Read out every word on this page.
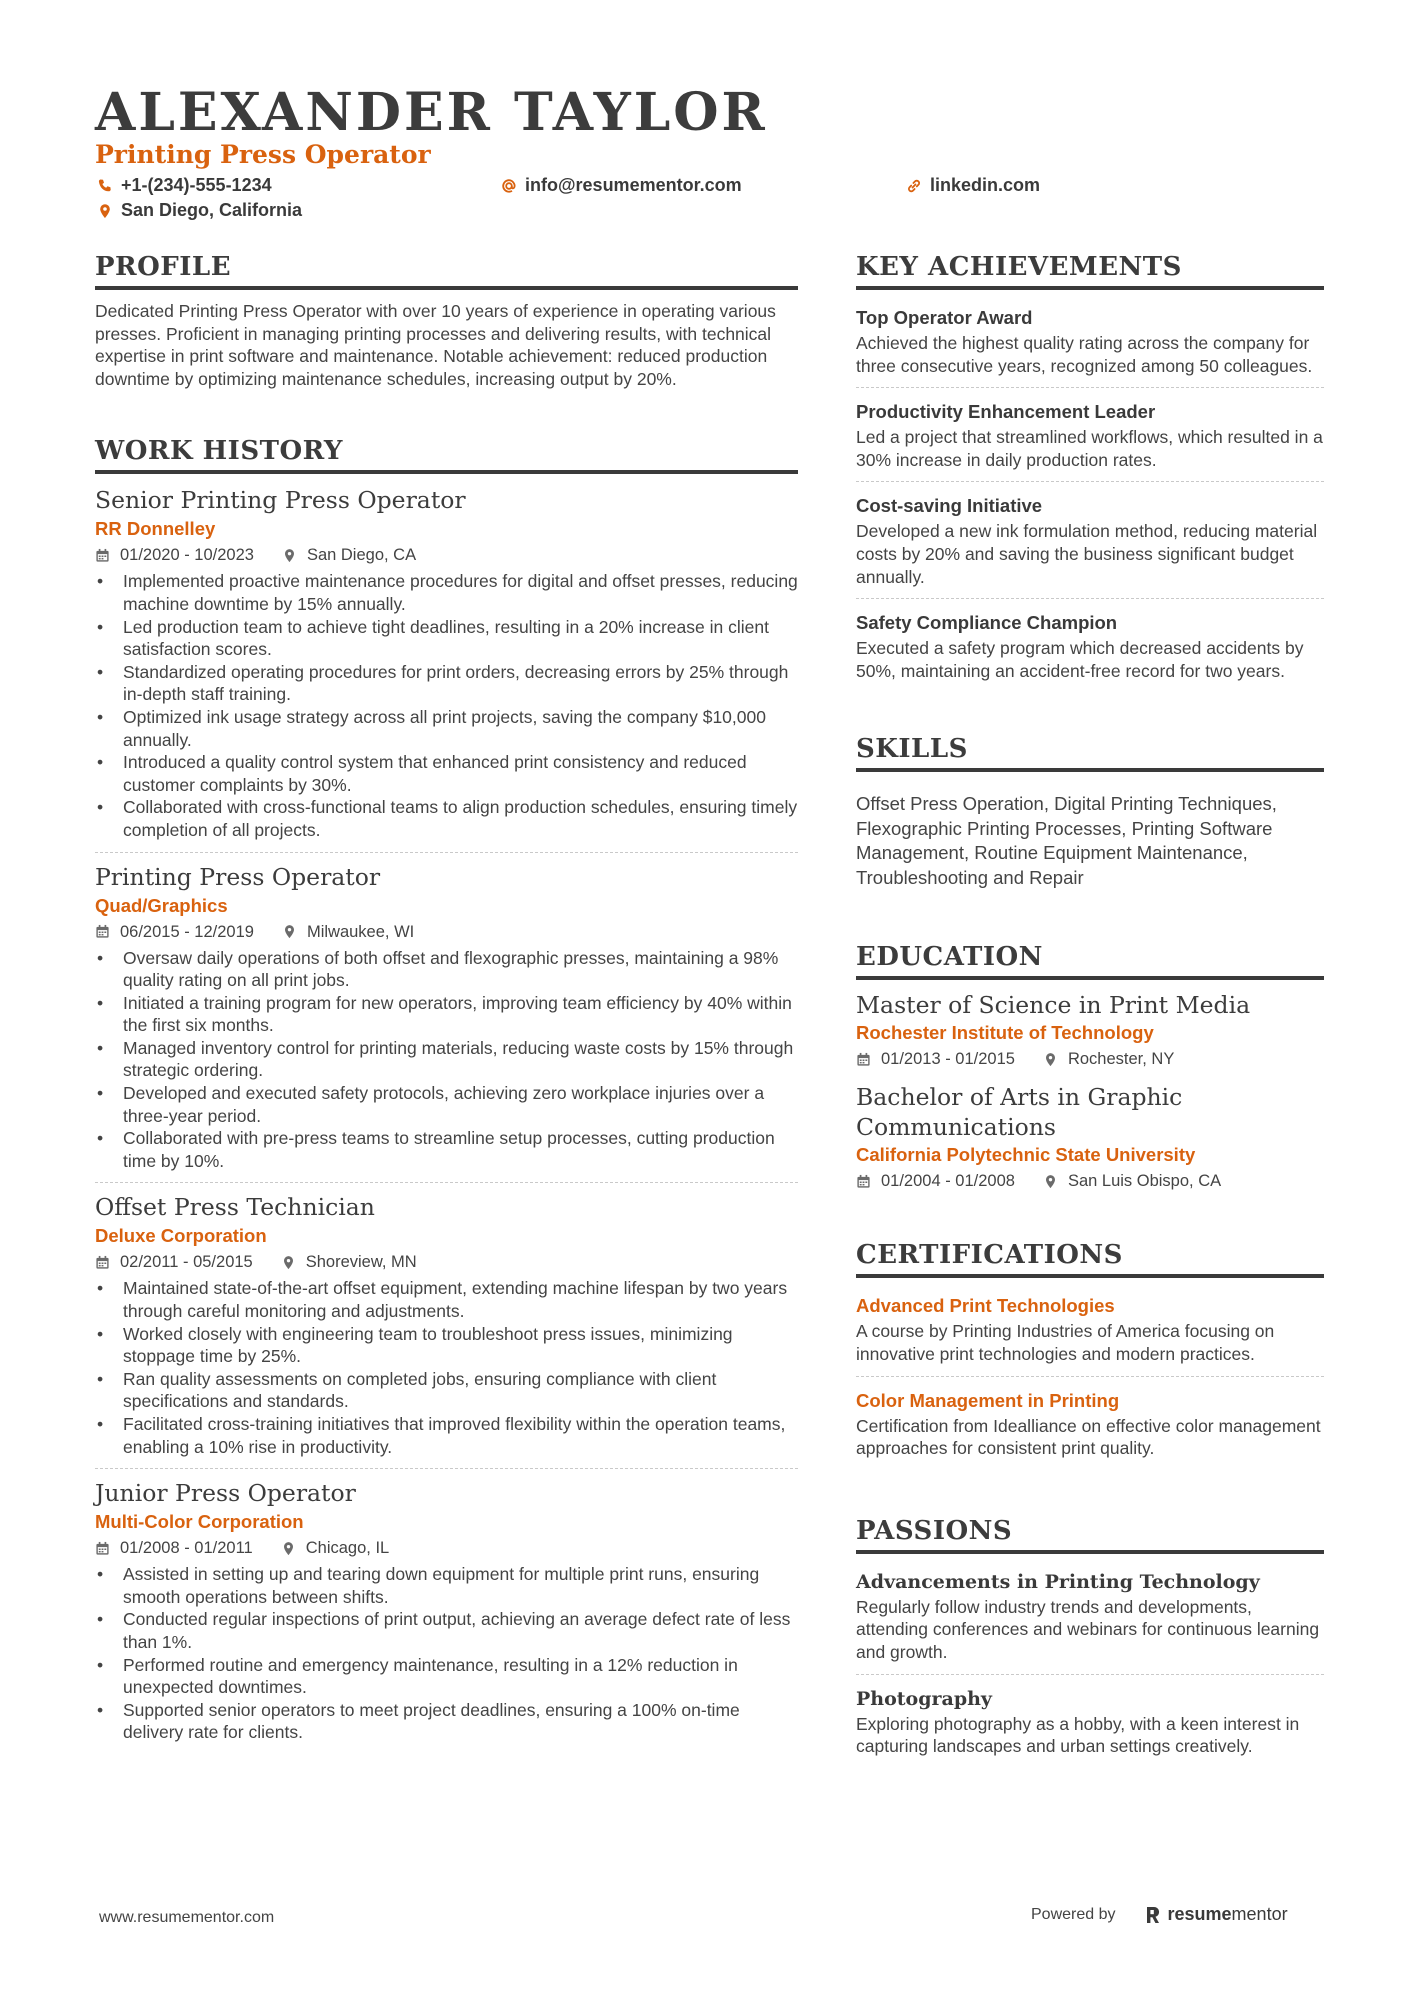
ALEXANDER TAYLOR
Printing Press Operator
+1-(234)-555-1234	info@resumementor.com	linkedin.com
San Diego, California
PROFILE
Dedicated Printing Press Operator with over 10 years of experience in operating various presses. Proficient in managing printing processes and delivering results, with technical expertise in print software and maintenance. Notable achievement: reduced production downtime by optimizing maintenance schedules, increasing output by 20%.
WORK HISTORY
Senior Printing Press Operator
RR Donnelley
01/2020 - 10/2023	San Diego, CA
• Implemented proactive maintenance procedures for digital and offset presses, reducing machine downtime by 15% annually.
• Led production team to achieve tight deadlines, resulting in a 20% increase in client satisfaction scores.
• Standardized operating procedures for print orders, decreasing errors by 25% through in-depth staff training.
• Optimized ink usage strategy across all print projects, saving the company $10,000 annually.
• Introduced a quality control system that enhanced print consistency and reduced customer complaints by 30%.
• Collaborated with cross-functional teams to align production schedules, ensuring timely completion of all projects.
Printing Press Operator
Quad/Graphics
06/2015 - 12/2019	Milwaukee, WI
• Oversaw daily operations of both offset and flexographic presses, maintaining a 98% quality rating on all print jobs.
• Initiated a training program for new operators, improving team efficiency by 40% within the first six months.
• Managed inventory control for printing materials, reducing waste costs by 15% through strategic ordering.
• Developed and executed safety protocols, achieving zero workplace injuries over a three-year period.
• Collaborated with pre-press teams to streamline setup processes, cutting production time by 10%.
Offset Press Technician
Deluxe Corporation
02/2011 - 05/2015	Shoreview, MN
• Maintained state-of-the-art offset equipment, extending machine lifespan by two years through careful monitoring and adjustments.
• Worked closely with engineering team to troubleshoot press issues, minimizing stoppage time by 25%.
• Ran quality assessments on completed jobs, ensuring compliance with client specifications and standards.
• Facilitated cross-training initiatives that improved flexibility within the operation teams, enabling a 10% rise in productivity.
Junior Press Operator
Multi-Color Corporation
01/2008 - 01/2011	Chicago, IL
• Assisted in setting up and tearing down equipment for multiple print runs, ensuring smooth operations between shifts.
• Conducted regular inspections of print output, achieving an average defect rate of less than 1%.
• Performed routine and emergency maintenance, resulting in a 12% reduction in unexpected downtimes.
• Supported senior operators to meet project deadlines, ensuring a 100% on-time delivery rate for clients.
KEY ACHIEVEMENTS
Top Operator Award
Achieved the highest quality rating across the company for three consecutive years, recognized among 50 colleagues.
Productivity Enhancement Leader
Led a project that streamlined workflows, which resulted in a 30% increase in daily production rates.
Cost-saving Initiative
Developed a new ink formulation method, reducing material costs by 20% and saving the business significant budget annually.
Safety Compliance Champion
Executed a safety program which decreased accidents by 50%, maintaining an accident-free record for two years.
SKILLS
Offset Press Operation, Digital Printing Techniques, Flexographic Printing Processes, Printing Software Management, Routine Equipment Maintenance, Troubleshooting and Repair
EDUCATION
Master of Science in Print Media
Rochester Institute of Technology
01/2013 - 01/2015	Rochester, NY
Bachelor of Arts in Graphic Communications
California Polytechnic State University
01/2004 - 01/2008	San Luis Obispo, CA
CERTIFICATIONS
Advanced Print Technologies
A course by Printing Industries of America focusing on innovative print technologies and modern practices.
Color Management in Printing
Certification from Idealliance on effective color management approaches for consistent print quality.
PASSIONS
Advancements in Printing Technology
Regularly follow industry trends and developments, attending conferences and webinars for continuous learning and growth.
Photography
Exploring photography as a hobby, with a keen interest in capturing landscapes and urban settings creatively.
www.resumementor.com	Powered by	resumementor
